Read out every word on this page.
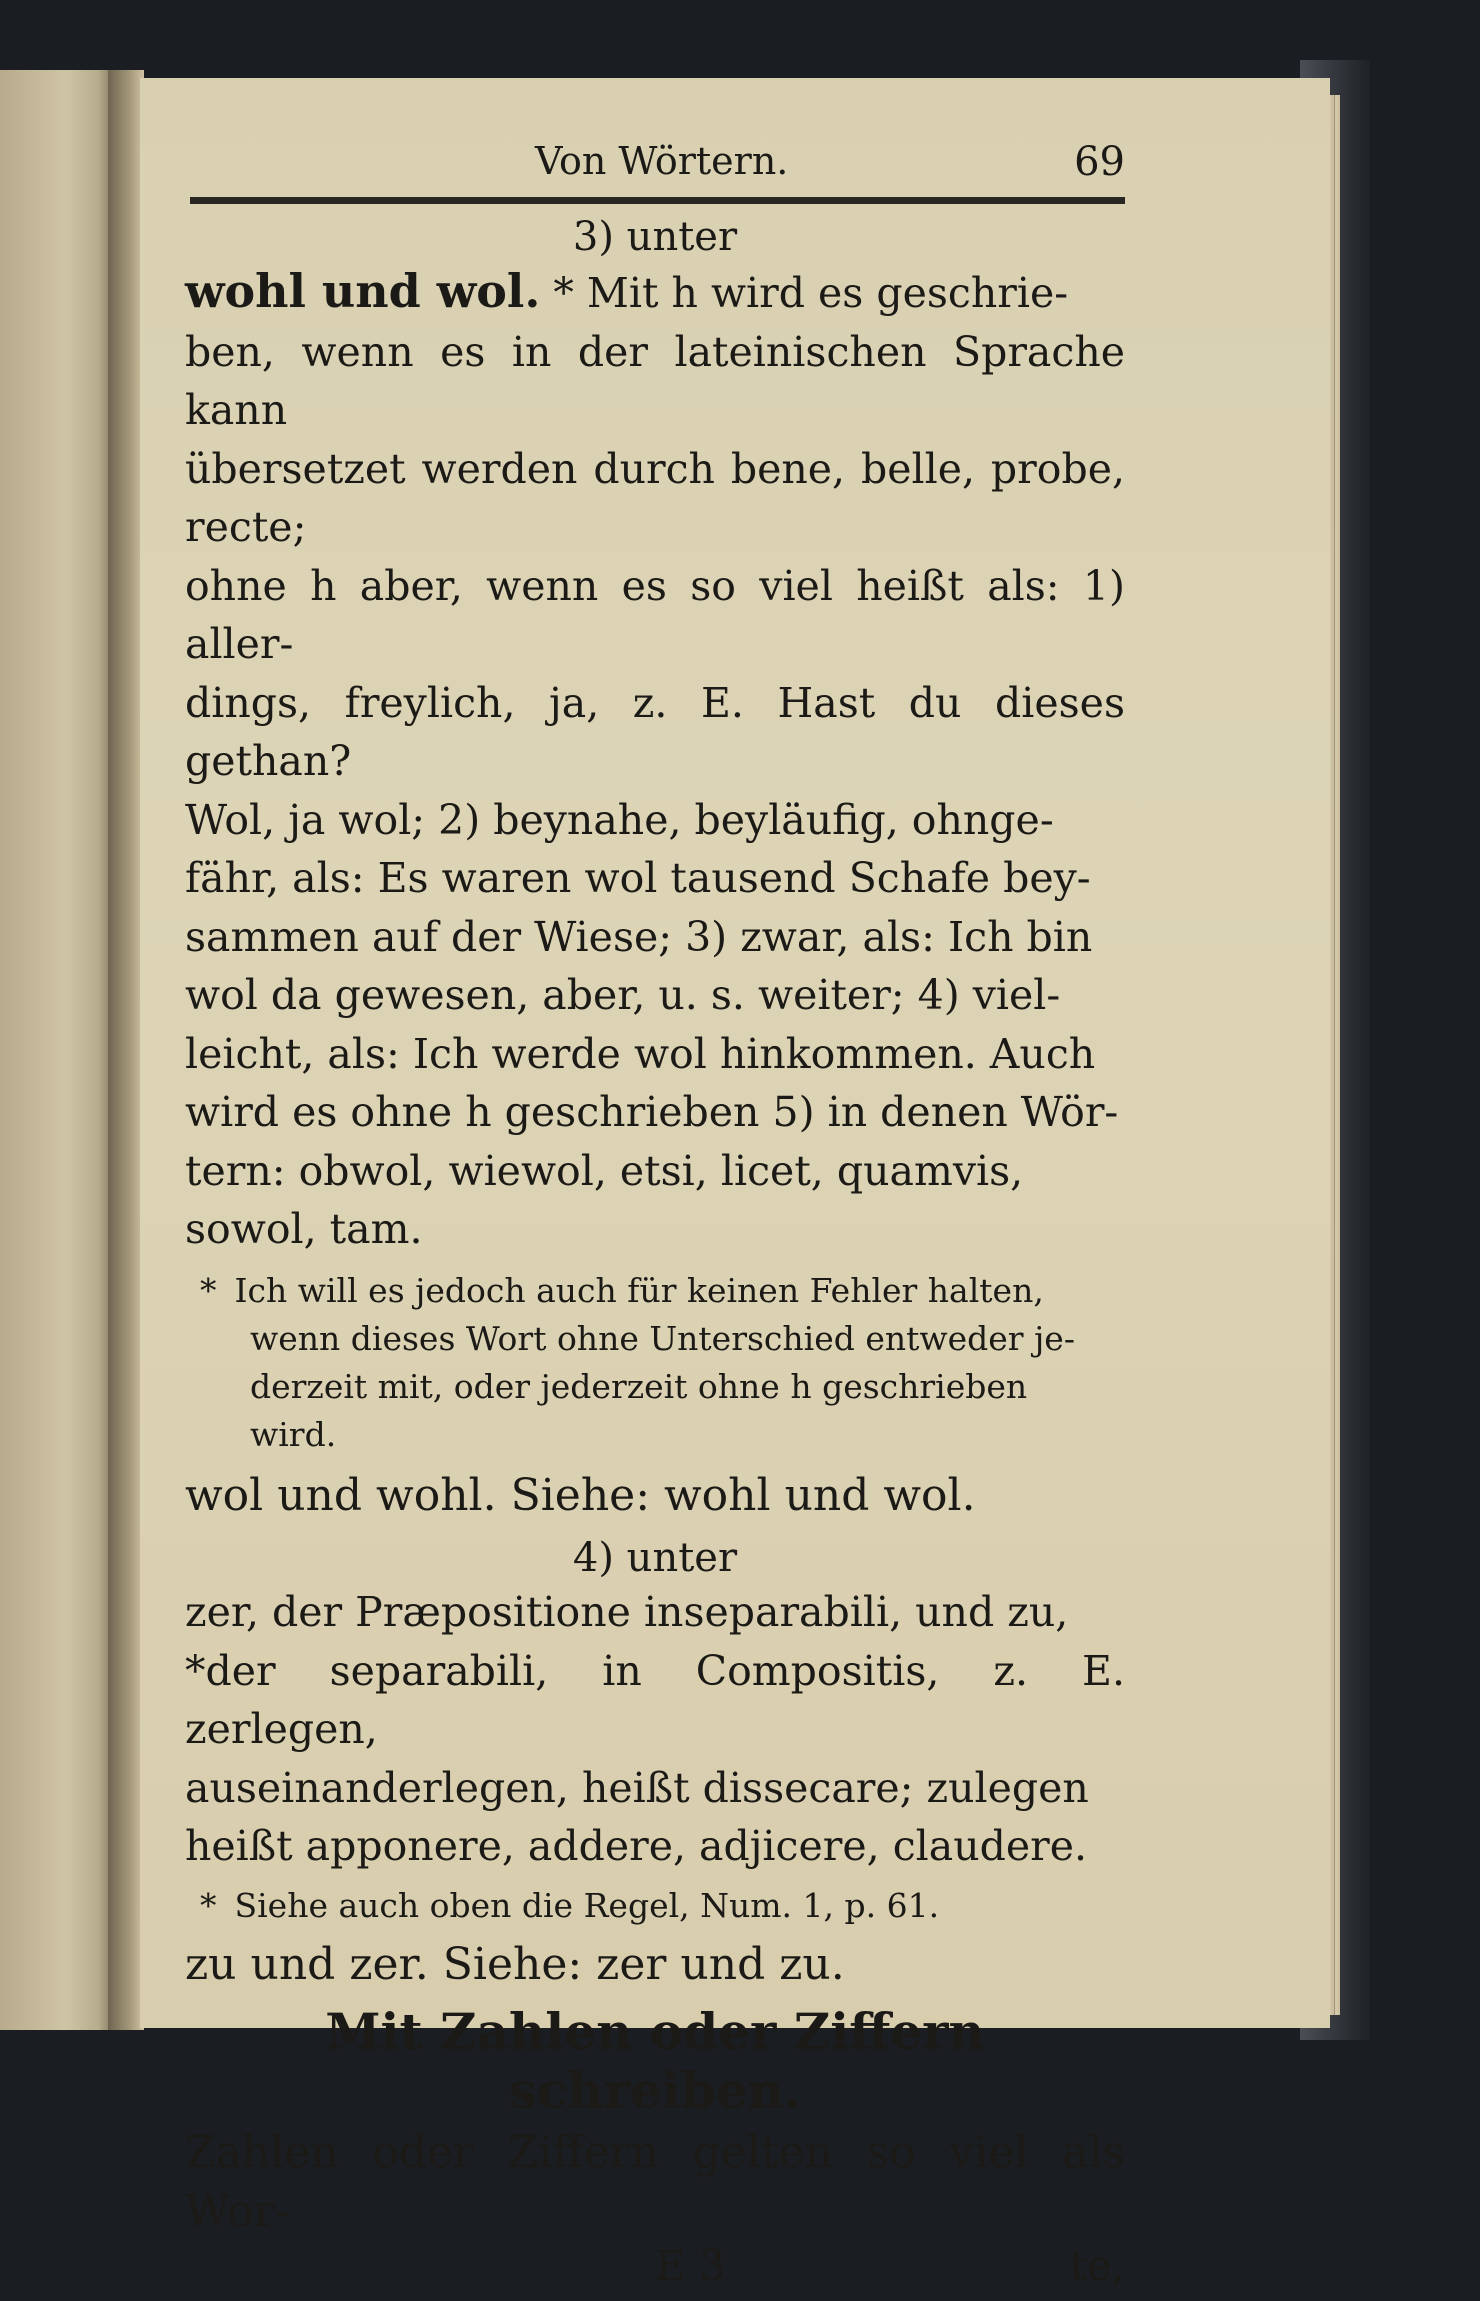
Von Wörtern.	69
3) unter

wohl und wol. * Mit h wird es geschrie-

ben, wenn es in der lateinischen Sprache kann

übersetzet werden durch bene, belle, probe, recte;

ohne h aber, wenn es so viel heißt als: 1) aller-

dings, freylich, ja, z. E. Hast du dieses gethan?

Wol, ja wol; 2) beynahe, beyläufig, ohnge-

fähr, als: Es waren wol tausend Schafe bey-

sammen auf der Wiese; 3) zwar, als: Ich bin

wol da gewesen, aber, u. s. weiter; 4) viel-

leicht, als: Ich werde wol hinkommen. Auch

wird es ohne h geschrieben 5) in denen Wör-

tern: obwol, wiewol, etsi, licet, quamvis,

sowol, tam.

* Ich will es jedoch auch für keinen Fehler halten,

wenn dieses Wort ohne Unterschied entweder je-

derzeit mit, oder jederzeit ohne h geschrieben

wird.

wol und wohl. Siehe: wohl und wol.

4) unter

zer, der Præpositione inseparabili, und zu,

*der separabili, in Compositis, z. E. zerlegen,

auseinanderlegen, heißt dissecare; zulegen

heißt apponere, addere, adjicere, claudere.

* Siehe auch oben die Regel, Num. 1, p. 61.

zu und zer. Siehe: zer und zu.

Mit Zahlen oder Ziffern schreiben.

Zahlen oder Ziffern gelten so viel als Wor-

E 3	te,
